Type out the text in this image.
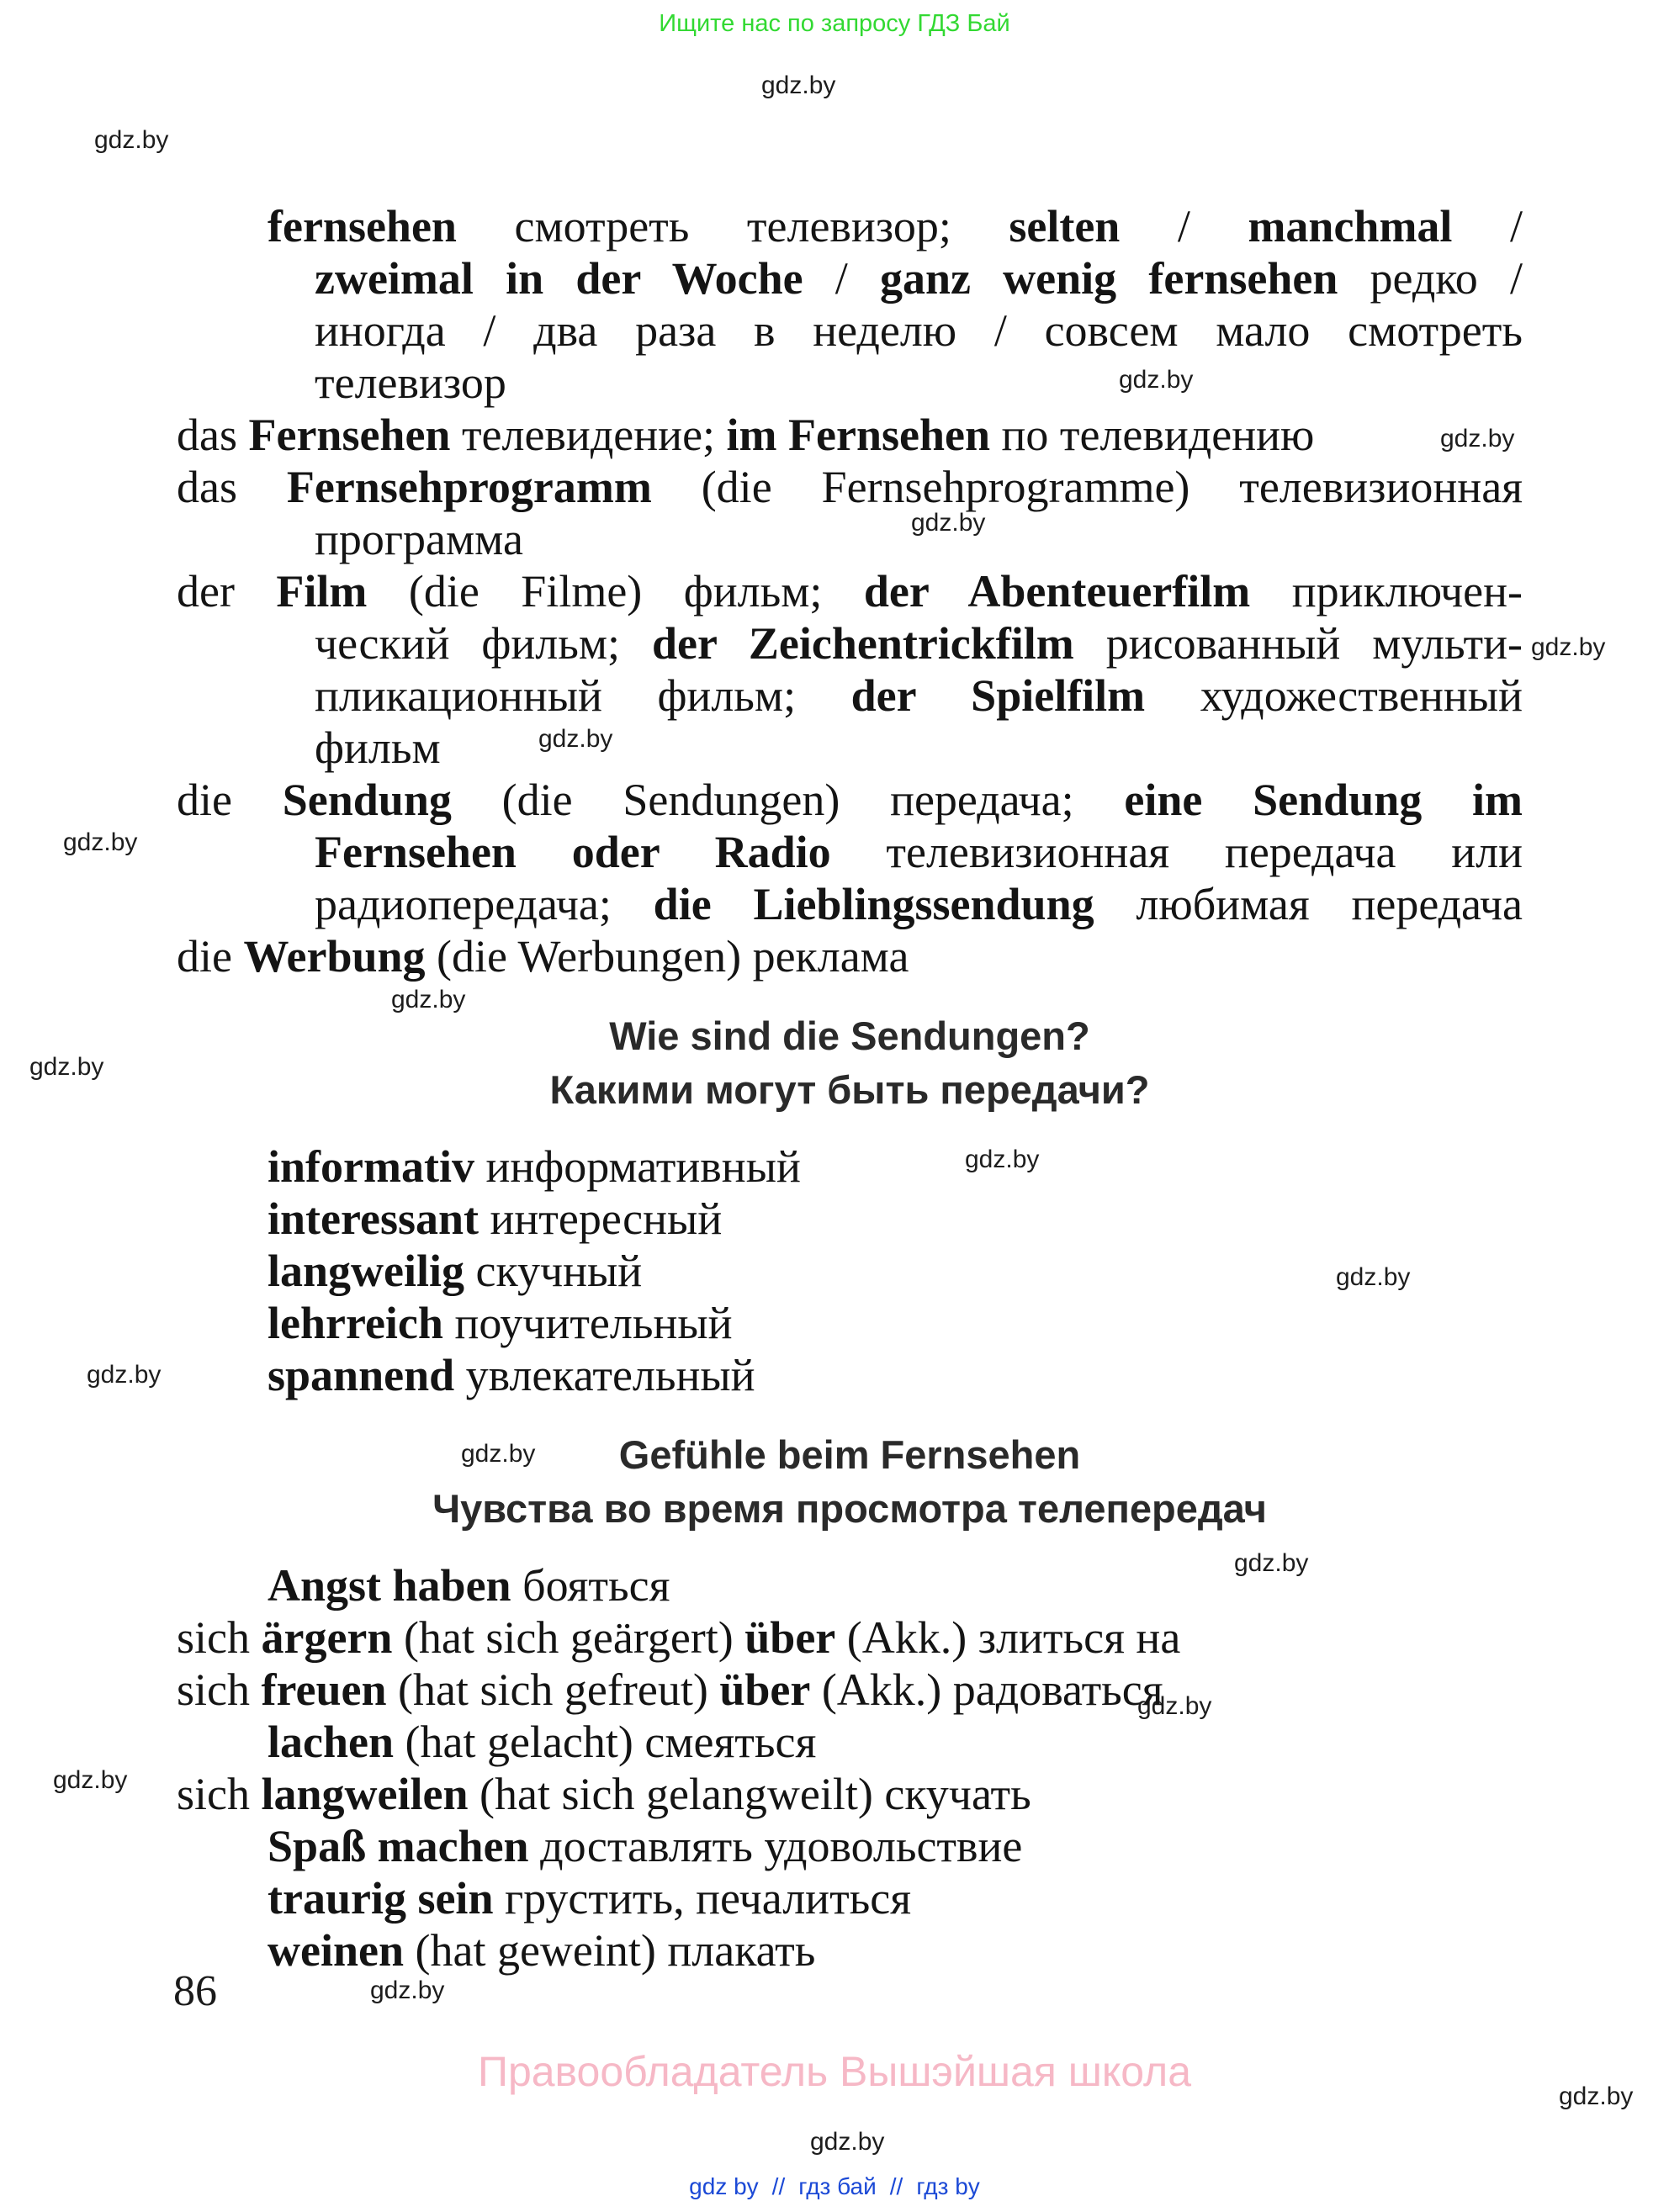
Ищите нас по запросу ГДЗ Бай
gdz.by
gdz.by
gdz.by
gdz.by
gdz.by
gdz.by
gdz.by
gdz.by
gdz.by
gdz.by
gdz.by
gdz.by
gdz.by
gdz.by
gdz.by
gdz.by
gdz.by
gdz.by
gdz.by
gdz.by
fernsehen смотреть телевизор; selten / manchmal /
zweimal in der Woche / ganz wenig fernsehen редко /
иногда / два раза в неделю / совсем мало смотреть
телевизор
das Fernsehen телевидение; im Fernsehen по телевидению
das Fernsehprogramm (die Fernsehprogramme) телевизионная
программа
der Film (die Filme) фильм; der Abenteuerfilm приключен-
ческий фильм; der Zeichentrickfilm рисованный мульти-
пликационный фильм; der Spielfilm художественный
фильм
die Sendung (die Sendungen) передача; eine Sendung im
Fernsehen oder Radio телевизионная передача или
радиопередача; die Lieblingssendung любимая передача
die Werbung (die Werbungen) реклама
Wie sind die Sendungen?
Какими могут быть передачи?
informativ информативный
interessant интересный
langweilig скучный
lehrreich поучительный
spannend увлекательный
Gefühle beim Fernsehen
Чувства во время просмотра телепередач
Angst haben бояться
sich ärgern (hat sich geärgert) über (Akk.) злиться на
sich freuen (hat sich gefreut) über (Akk.) радоваться
lachen (hat gelacht) смеяться
sich langweilen (hat sich gelangweilt) скучать
Spaß machen доставлять удовольствие
traurig sein грустить, печалиться
weinen (hat geweint) плакать
86
Правообладатель Вышэйшая школа
gdz by // гдз бай // гдз by
